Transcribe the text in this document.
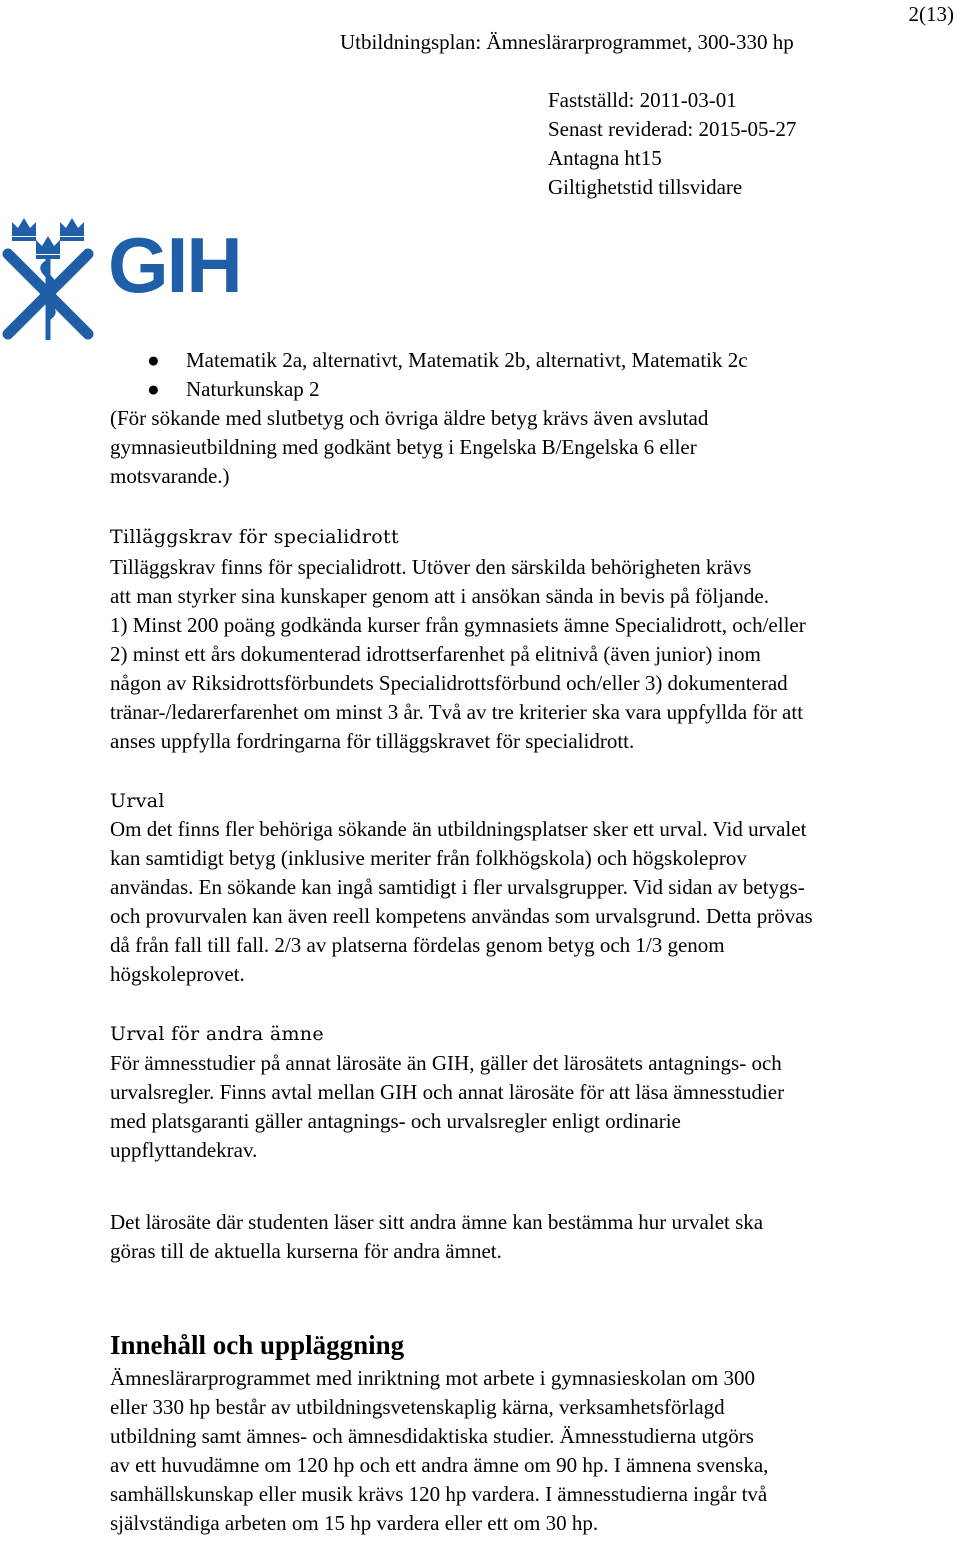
2(13)
Utbildningsplan: Ämneslärarprogrammet, 300-330 hp
Fastställd: 2011-03-01
Senast reviderad: 2015-05-27
Antagna ht15
Giltighetstid tillsvidare
GIH
● Matematik 2a, alternativt, Matematik 2b, alternativt, Matematik 2c
● Naturkunskap 2
(För sökande med slutbetyg och övriga äldre betyg krävs även avslutad
gymnasieutbildning med godkänt betyg i Engelska B/Engelska 6 eller
motsvarande.)
Tilläggskrav för specialidrott
Tilläggskrav finns för specialidrott. Utöver den särskilda behörigheten krävs
att man styrker sina kunskaper genom att i ansökan sända in bevis på följande.
1) Minst 200 poäng godkända kurser från gymnasiets ämne Specialidrott, och/eller
2) minst ett års dokumenterad idrottserfarenhet på elitnivå (även junior) inom
någon av Riksidrottsförbundets Specialidrottsförbund och/eller 3) dokumenterad
tränar-/ledarerfarenhet om minst 3 år. Två av tre kriterier ska vara uppfyllda för att
anses uppfylla fordringarna för tilläggskravet för specialidrott.
Urval
Om det finns fler behöriga sökande än utbildningsplatser sker ett urval. Vid urvalet
kan samtidigt betyg (inklusive meriter från folkhögskola) och högskoleprov
användas. En sökande kan ingå samtidigt i fler urvalsgrupper. Vid sidan av betygs-
och provurvalen kan även reell kompetens användas som urvalsgrund. Detta prövas
då från fall till fall. 2/3 av platserna fördelas genom betyg och 1/3 genom
högskoleprovet.
Urval för andra ämne
För ämnesstudier på annat lärosäte än GIH, gäller det lärosätets antagnings- och
urvalsregler. Finns avtal mellan GIH och annat lärosäte för att läsa ämnesstudier
med platsgaranti gäller antagnings- och urvalsregler enligt ordinarie
uppflyttandekrav.
Det lärosäte där studenten läser sitt andra ämne kan bestämma hur urvalet ska
göras till de aktuella kurserna för andra ämnet.
Innehåll och uppläggning
Ämneslärarprogrammet med inriktning mot arbete i gymnasieskolan om 300
eller 330 hp består av utbildningsvetenskaplig kärna, verksamhetsförlagd
utbildning samt ämnes- och ämnesdidaktiska studier. Ämnesstudierna utgörs
av ett huvudämne om 120 hp och ett andra ämne om 90 hp. I ämnena svenska,
samhällskunskap eller musik krävs 120 hp vardera. I ämnesstudierna ingår två
självständiga arbeten om 15 hp vardera eller ett om 30 hp.
